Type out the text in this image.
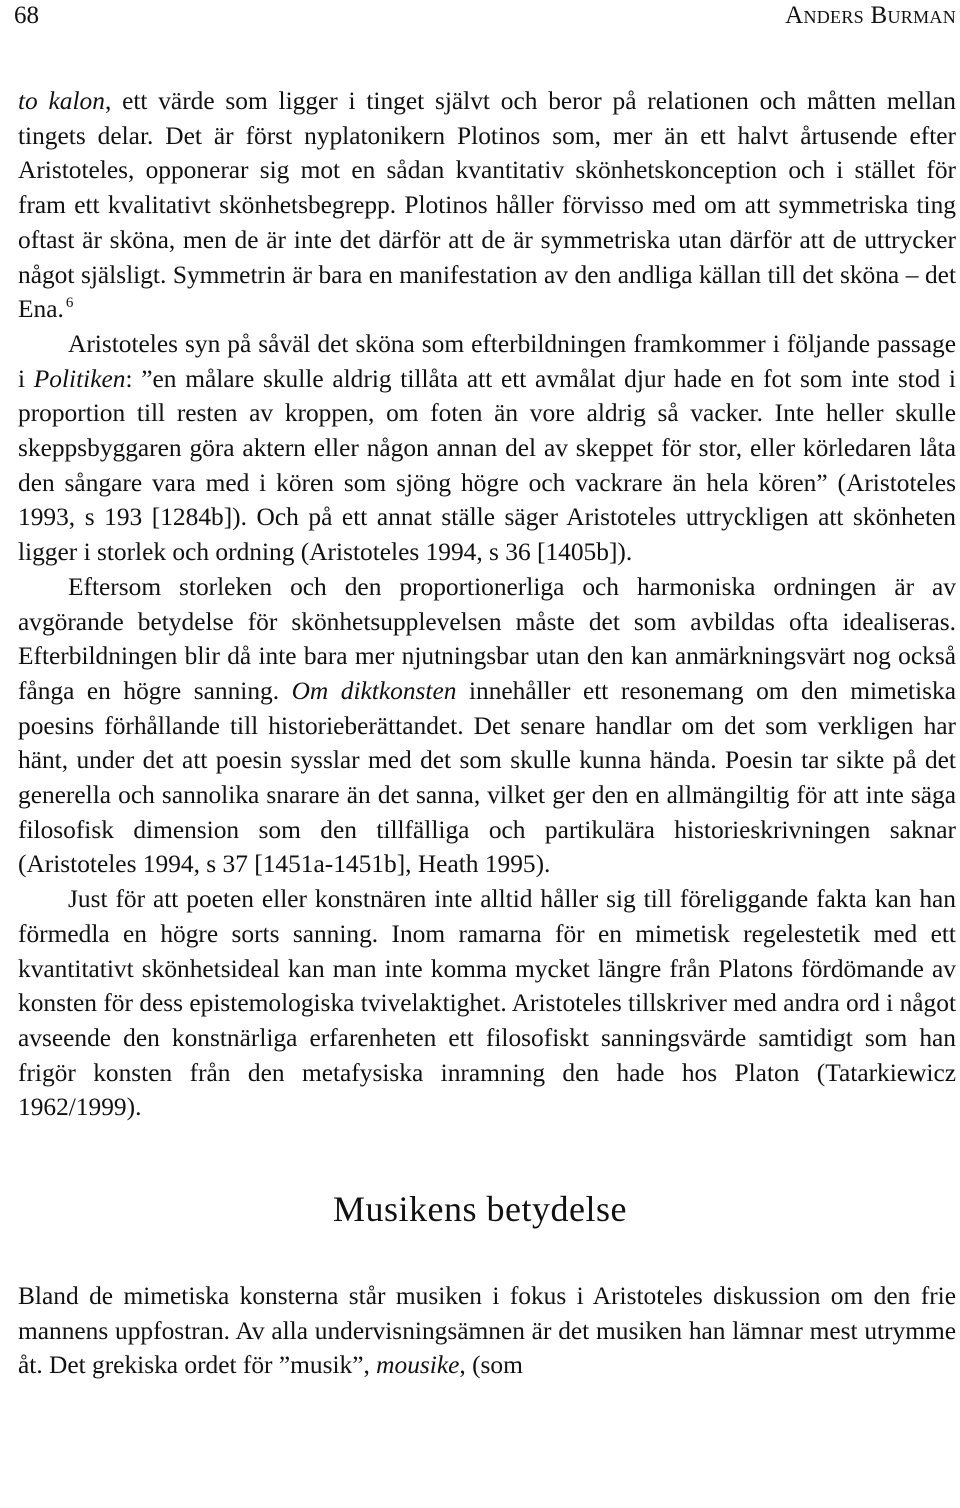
68	Anders Burman

to kalon, ett värde som ligger i tinget självt och beror på relationen och måtten mellan tingets delar. Det är först nyplatonikern Plotinos som, mer än ett halvt årtusende efter Aristoteles, opponerar sig mot en sådan kvantitativ skönhetskonception och i stället för fram ett kvalitativt skönhetsbegrepp. Plotinos håller förvisso med om att symmetriska ting oftast är sköna, men de är inte det därför att de är symmetriska utan därför att de uttrycker något själsligt. Symmetrin är bara en manifestation av den andliga källan till det sköna – det Ena. $^6$

Aristoteles syn på såväl det sköna som efterbildningen framkommer i följande passage i Politiken: ”en målare skulle aldrig tillåta att ett avmålat djur hade en fot som inte stod i proportion till resten av kroppen, om foten än vore aldrig så vacker. Inte heller skulle skeppsbyggaren göra aktern eller någon annan del av skeppet för stor, eller körledaren låta den sångare vara med i kören som sjöng högre och vackrare än hela kören” (Aristoteles 1993, s 193 [1284b]). Och på ett annat ställe säger Aristoteles uttryckligen att skönheten ligger i storlek och ordning (Aristoteles 1994, s 36 [1405b]).

Eftersom storleken och den proportionerliga och harmoniska ordningen är av avgörande betydelse för skönhetsupplevelsen måste det som avbildas ofta idealiseras. Efterbildningen blir då inte bara mer njutningsbar utan den kan anmärkningsvärt nog också fånga en högre sanning. Om diktkonsten innehåller ett resonemang om den mimetiska poesins förhållande till historieberättandet. Det senare handlar om det som verkligen har hänt, under det att poesin sysslar med det som skulle kunna hända. Poesin tar sikte på det generella och sannolika snarare än det sanna, vilket ger den en allmängiltig för att inte säga filosofisk dimension som den tillfälliga och partikulära historieskrivningen saknar (Aristoteles 1994, s 37 [1451a-1451b], Heath 1995).

Just för att poeten eller konstnären inte alltid håller sig till föreliggande fakta kan han förmedla en högre sorts sanning. Inom ramarna för en mimetisk regelestetik med ett kvantitativt skönhetsideal kan man inte komma mycket längre från Platons fördömande av konsten för dess epistemologiska tvivelaktighet. Aristoteles tillskriver med andra ord i något avseende den konstnärliga erfarenheten ett filosofiskt sanningsvärde samtidigt som han frigör konsten från den metafysiska inramning den hade hos Platon (Tatarkiewicz 1962/1999).

Musikens betydelse

Bland de mimetiska konsterna står musiken i fokus i Aristoteles diskussion om den frie mannens uppfostran. Av alla undervisningsämnen är det musiken han lämnar mest utrymme åt. Det grekiska ordet för ”musik”, mousike, (som
